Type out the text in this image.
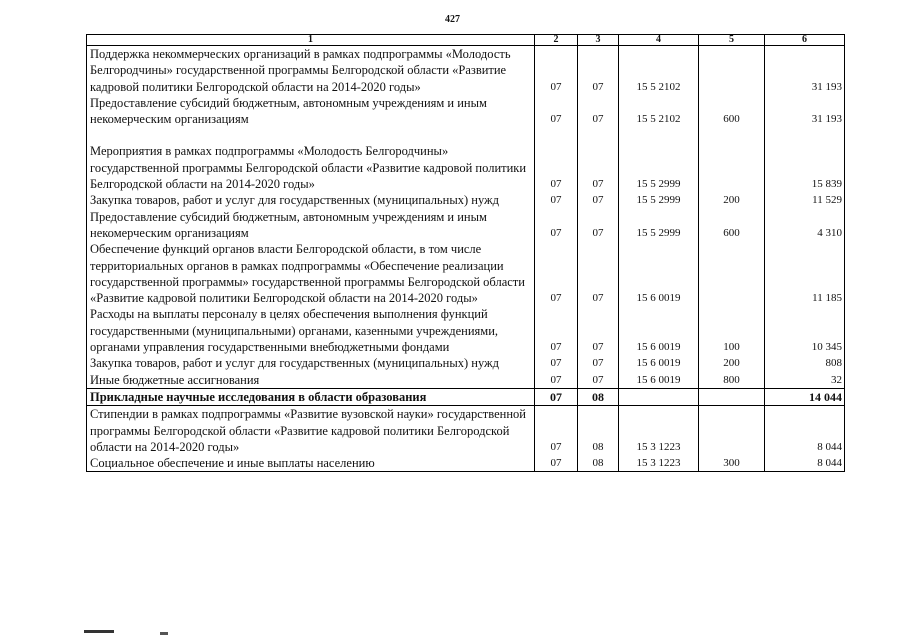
427
1	2	3	4	5	6
Поддержка некоммерческих организаций в рамках подпрограммы «Молодость Белгородчины» государственной программы Белгородской области «Развитие кадровой политики Белгородской области на 2014-2020 годы»	07	07	15 5 2102		31 193
Предоставление субсидий бюджетным, автономным учреждениям и иным некомерческим организациям	07	07	15 5 2102	600	31 193

Мероприятия в рамках подпрограммы «Молодость Белгородчины» государственной программы Белгородской области «Развитие кадровой политики Белгородской области на 2014-2020 годы»	07	07	15 5 2999		15 839
Закупка товаров, работ и услуг для государственных (муниципальных) нужд	07	07	15 5 2999	200	11 529
Предоставление субсидий бюджетным, автономным учреждениям и иным некомерческим организациям	07	07	15 5 2999	600	4 310
Обеспечение функций органов власти Белгородской области, в том числе территориальных органов в рамках подпрограммы «Обеспечение реализации государственной программы» государственной программы Белгородской области «Развитие кадровой политики Белгородской области на 2014-2020 годы»	07	07	15 6 0019		11 185
Расходы на выплаты персоналу в целях обеспечения выполнения функций государственными (муниципальными) органами, казенными учреждениями, органами управления государственными внебюджетными фондами	07	07	15 6 0019	100	10 345
Закупка товаров, работ и услуг для государственных (муниципальных) нужд	07	07	15 6 0019	200	808
Иные бюджетные ассигнования	07	07	15 6 0019	800	32
Прикладные научные исследования в области образования	07	08			14 044
Стипендии в рамках подпрограммы «Развитие вузовской науки» государственной программы Белгородской области «Развитие кадровой политики Белгородской области на 2014-2020 годы»	07	08	15 3 1223		8 044
Социальное обеспечение и иные выплаты населению	07	08	15 3 1223	300	8 044
